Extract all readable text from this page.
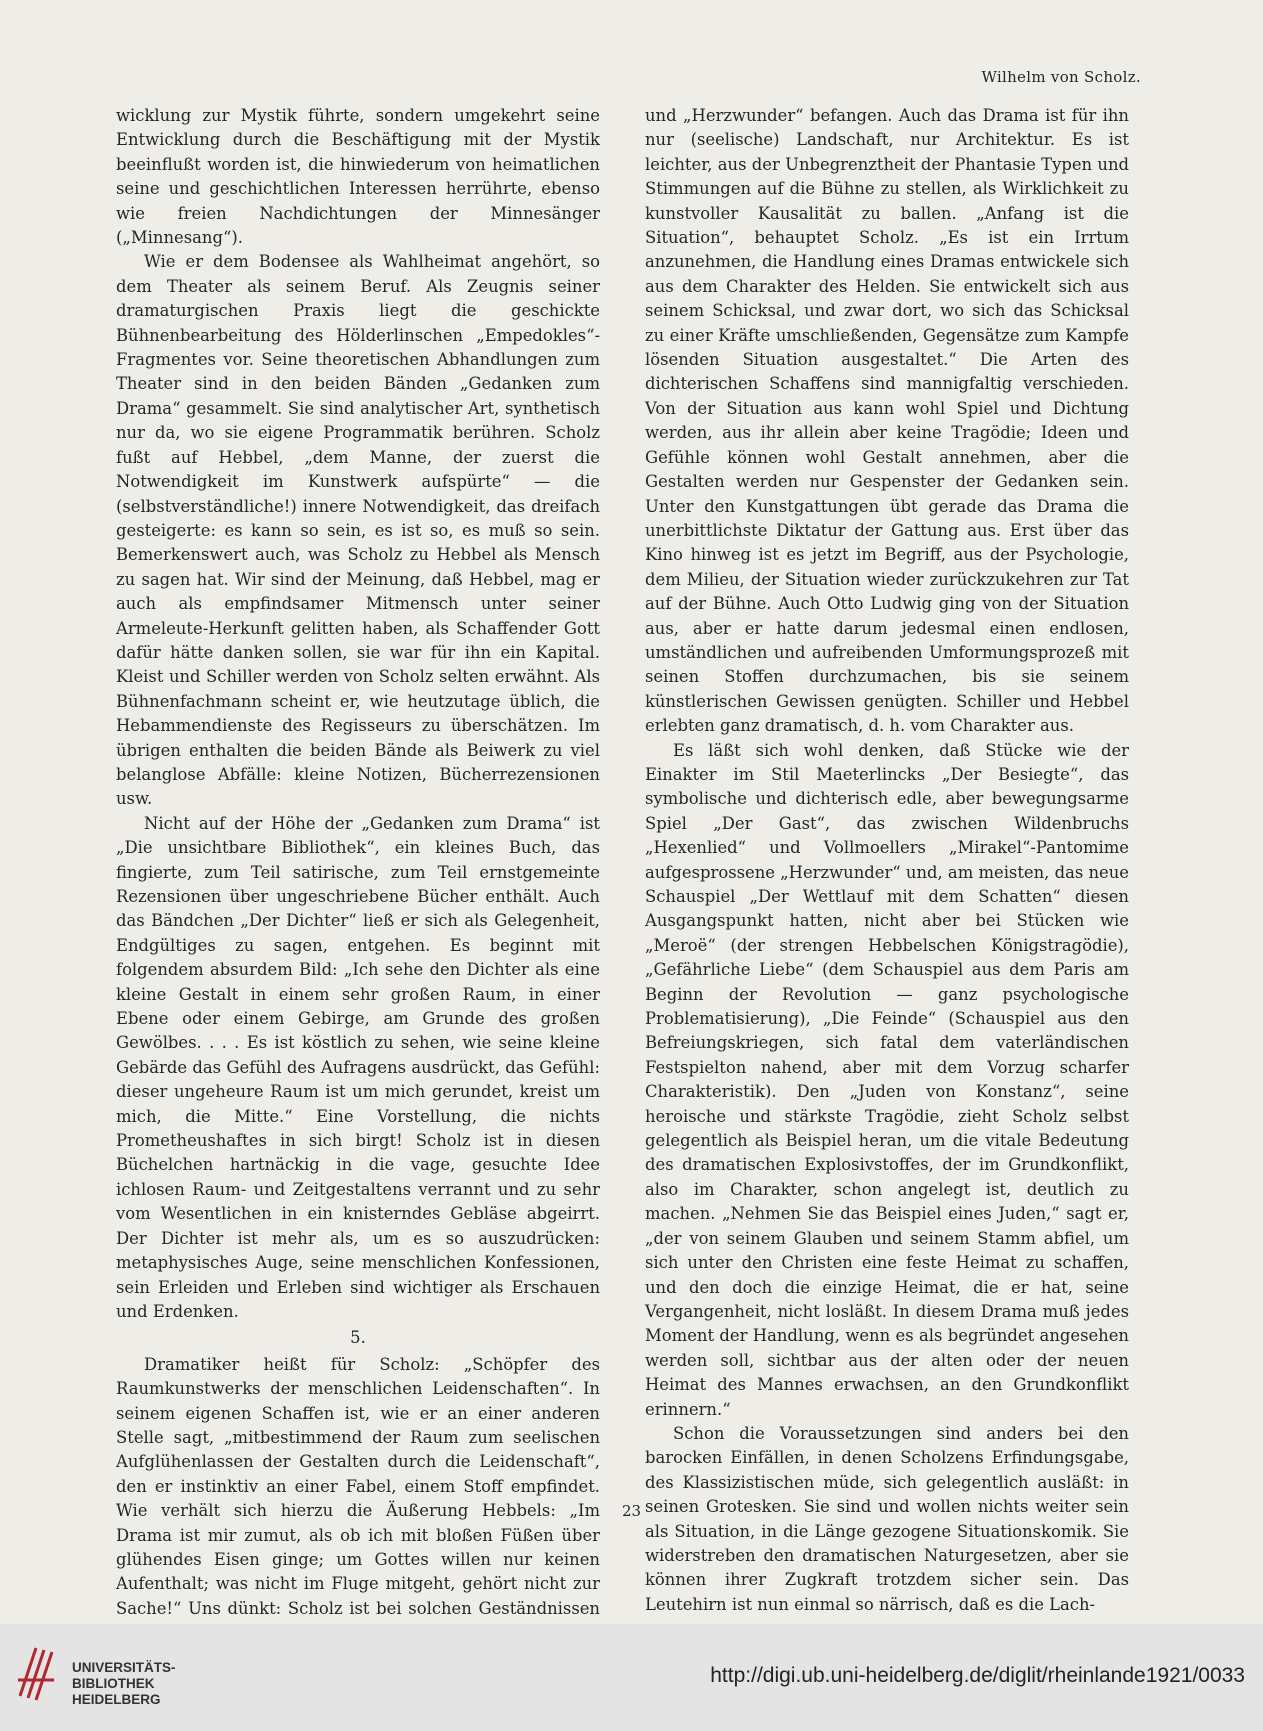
Wilhelm von Scholz.

wicklung zur Mystik führte, sondern umgekehrt seine Entwicklung durch die Beschäftigung mit der Mystik beeinflußt worden ist, die hinwiederum von heimatlichen seine und geschichtlichen Interessen herrührte, ebenso wie freien Nachdichtungen der Minnesänger („Minnesang“).

Wie er dem Bodensee als Wahlheimat angehört, so dem Theater als seinem Beruf. Als Zeugnis seiner dramaturgischen Praxis liegt die geschickte Bühnenbearbeitung des Hölderlinschen „Empedokles“-Fragmentes vor. Seine theoretischen Abhandlungen zum Theater sind in den beiden Bänden „Gedanken zum Drama“ gesammelt. Sie sind analytischer Art, synthetisch nur da, wo sie eigene Programmatik berühren. Scholz fußt auf Hebbel, „dem Manne, der zuerst die Notwendigkeit im Kunstwerk aufspürte“ — die (selbstverständliche!) innere Notwendigkeit, das dreifach gesteigerte: es kann so sein, es ist so, es muß so sein. Bemerkenswert auch, was Scholz zu Hebbel als Mensch zu sagen hat. Wir sind der Meinung, daß Hebbel, mag er auch als empfindsamer Mitmensch unter seiner Armeleute-Herkunft gelitten haben, als Schaffender Gott dafür hätte danken sollen, sie war für ihn ein Kapital. Kleist und Schiller werden von Scholz selten erwähnt. Als Bühnenfachmann scheint er, wie heutzutage üblich, die Hebammendienste des Regisseurs zu überschätzen. Im übrigen enthalten die beiden Bände als Beiwerk zu viel belanglose Abfälle: kleine Notizen, Bücherrezensionen usw.

Nicht auf der Höhe der „Gedanken zum Drama“ ist „Die unsichtbare Bibliothek“, ein kleines Buch, das fingierte, zum Teil satirische, zum Teil ernstgemeinte Rezensionen über ungeschriebene Bücher enthält. Auch das Bändchen „Der Dichter“ ließ er sich als Gelegenheit, Endgültiges zu sagen, entgehen. Es beginnt mit folgendem absurdem Bild: „Ich sehe den Dichter als eine kleine Gestalt in einem sehr großen Raum, in einer Ebene oder einem Gebirge, am Grunde des großen Gewölbes. . . . Es ist köstlich zu sehen, wie seine kleine Gebärde das Gefühl des Aufragens ausdrückt, das Gefühl: dieser ungeheure Raum ist um mich gerundet, kreist um mich, die Mitte.“ Eine Vorstellung, die nichts Prometheushaftes in sich birgt! Scholz ist in diesen Büchelchen hartnäckig in die vage, gesuchte Idee ichlosen Raum- und Zeitgestaltens verrannt und zu sehr vom Wesentlichen in ein knisterndes Gebläse abgeirrt. Der Dichter ist mehr als, um es so auszudrücken: metaphysisches Auge, seine menschlichen Konfessionen, sein Erleiden und Erleben sind wichtiger als Erschauen und Erdenken.

5.

Dramatiker heißt für Scholz: „Schöpfer des Raumkunstwerks der menschlichen Leidenschaften“. In seinem eigenen Schaffen ist, wie er an einer anderen Stelle sagt, „mitbestimmend der Raum zum seelischen Aufglühenlassen der Gestalten durch die Leidenschaft“, den er instinktiv an einer Fabel, einem Stoff empfindet. Wie verhält sich hierzu die Äußerung Hebbels: „Im Drama ist mir zumut, als ob ich mit bloßen Füßen über glühendes Eisen ginge; um Gottes willen nur keinen Aufenthalt; was nicht im Fluge mitgeht, gehört nicht zur Sache!“ Uns dünkt: Scholz ist bei solchen Geständnissen

und „Herzwunder“ befangen. Auch das Drama ist für ihn nur (seelische) Landschaft, nur Architektur. Es ist leichter, aus der Unbegrenztheit der Phantasie Typen und Stimmungen auf die Bühne zu stellen, als Wirklichkeit zu kunstvoller Kausalität zu ballen. „Anfang ist die Situation“, behauptet Scholz. „Es ist ein Irrtum anzunehmen, die Handlung eines Dramas entwickele sich aus dem Charakter des Helden. Sie entwickelt sich aus seinem Schicksal, und zwar dort, wo sich das Schicksal zu einer Kräfte umschließenden, Gegensätze zum Kampfe lösenden Situation ausgestaltet.“ Die Arten des dichterischen Schaffens sind mannigfaltig verschieden. Von der Situation aus kann wohl Spiel und Dichtung werden, aus ihr allein aber keine Tragödie; Ideen und Gefühle können wohl Gestalt annehmen, aber die Gestalten werden nur Gespenster der Gedanken sein. Unter den Kunstgattungen übt gerade das Drama die unerbittlichste Diktatur der Gattung aus. Erst über das Kino hinweg ist es jetzt im Begriff, aus der Psychologie, dem Milieu, der Situation wieder zurückzukehren zur Tat auf der Bühne. Auch Otto Ludwig ging von der Situation aus, aber er hatte darum jedesmal einen endlosen, umständlichen und aufreibenden Umformungsprozeß mit seinen Stoffen durchzumachen, bis sie seinem künstlerischen Gewissen genügten. Schiller und Hebbel erlebten ganz dramatisch, d. h. vom Charakter aus.

Es läßt sich wohl denken, daß Stücke wie der Einakter im Stil Maeterlincks „Der Besiegte“, das symbolische und dichterisch edle, aber bewegungsarme Spiel „Der Gast“, das zwischen Wildenbruchs „Hexenlied“ und Vollmoellers „Mirakel“-Pantomime aufgesprossene „Herzwunder“ und, am meisten, das neue Schauspiel „Der Wettlauf mit dem Schatten“ diesen Ausgangspunkt hatten, nicht aber bei Stücken wie „Meroë“ (der strengen Hebbelschen Königstragödie), „Gefährliche Liebe“ (dem Schauspiel aus dem Paris am Beginn der Revolution — ganz psychologische Problematisierung), „Die Feinde“ (Schauspiel aus den Befreiungskriegen, sich fatal dem vaterländischen Festspielton nahend, aber mit dem Vorzug scharfer Charakteristik). Den „Juden von Konstanz“, seine heroische und stärkste Tragödie, zieht Scholz selbst gelegentlich als Beispiel heran, um die vitale Bedeutung des dramatischen Explosivstoffes, der im Grundkonflikt, also im Charakter, schon angelegt ist, deutlich zu machen. „Nehmen Sie das Beispiel eines Juden,“ sagt er, „der von seinem Glauben und seinem Stamm abfiel, um sich unter den Christen eine feste Heimat zu schaffen, und den doch die einzige Heimat, die er hat, seine Vergangenheit, nicht losläßt. In diesem Drama muß jedes Moment der Handlung, wenn es als begründet angesehen werden soll, sichtbar aus der alten oder der neuen Heimat des Mannes erwachsen, an den Grundkonflikt erinnern.“

Schon die Voraussetzungen sind anders bei den barocken Einfällen, in denen Scholzens Erfindungsgabe, des Klassizistischen müde, sich gelegentlich ausläßt: in seinen Grotesken. Sie sind und wollen nichts weiter sein als Situation, in die Länge gezogene Situationskomik. Sie widerstreben den dramatischen Naturgesetzen, aber sie können ihrer Zugkraft trotzdem sicher sein. Das Leutehirn ist nun einmal so närrisch, daß es die Lach-

23
UNIVERSITÄTS-
BIBLIOTHEK
HEIDELBERG
http://digi.ub.uni-heidelberg.de/diglit/rheinlande1921/0033
